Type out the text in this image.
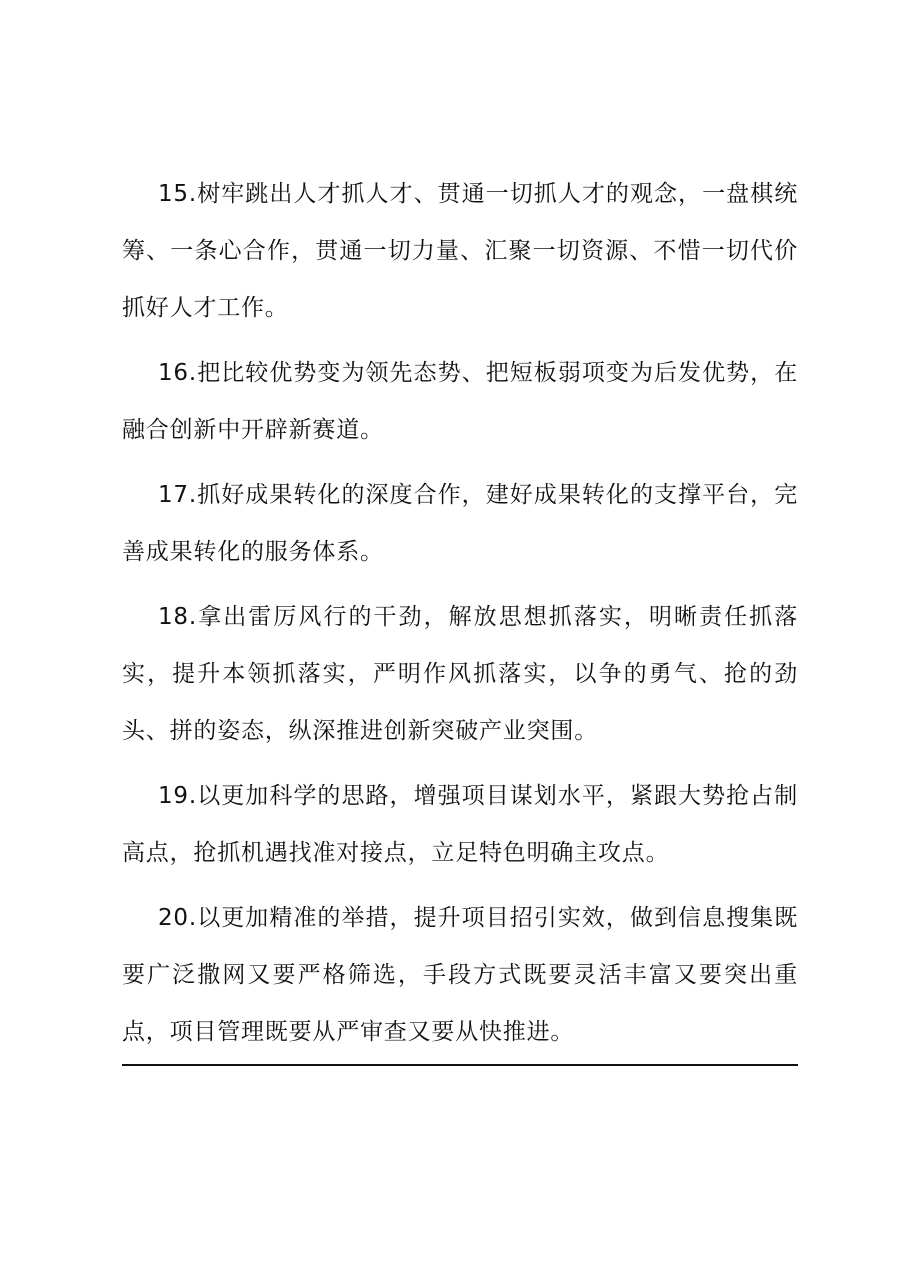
15.树牢跳出人才抓人才、贯通一切抓人才的观念，一盘棋统筹、一条心合作，贯通一切力量、汇聚一切资源、不惜一切代价抓好人才工作。

16.把比较优势变为领先态势、把短板弱项变为后发优势，在融合创新中开辟新赛道。

17.抓好成果转化的深度合作，建好成果转化的支撑平台，完善成果转化的服务体系。

18.拿出雷厉风行的干劲，解放思想抓落实，明晰责任抓落实，提升本领抓落实，严明作风抓落实，以争的勇气、抢的劲头、拼的姿态，纵深推进创新突破产业突围。

19.以更加科学的思路，增强项目谋划水平，紧跟大势抢占制高点，抢抓机遇找准对接点，立足特色明确主攻点。

20.以更加精准的举措，提升项目招引实效，做到信息搜集既要广泛撒网又要严格筛选，手段方式既要灵活丰富又要突出重点，项目管理既要从严审查又要从快推进。
